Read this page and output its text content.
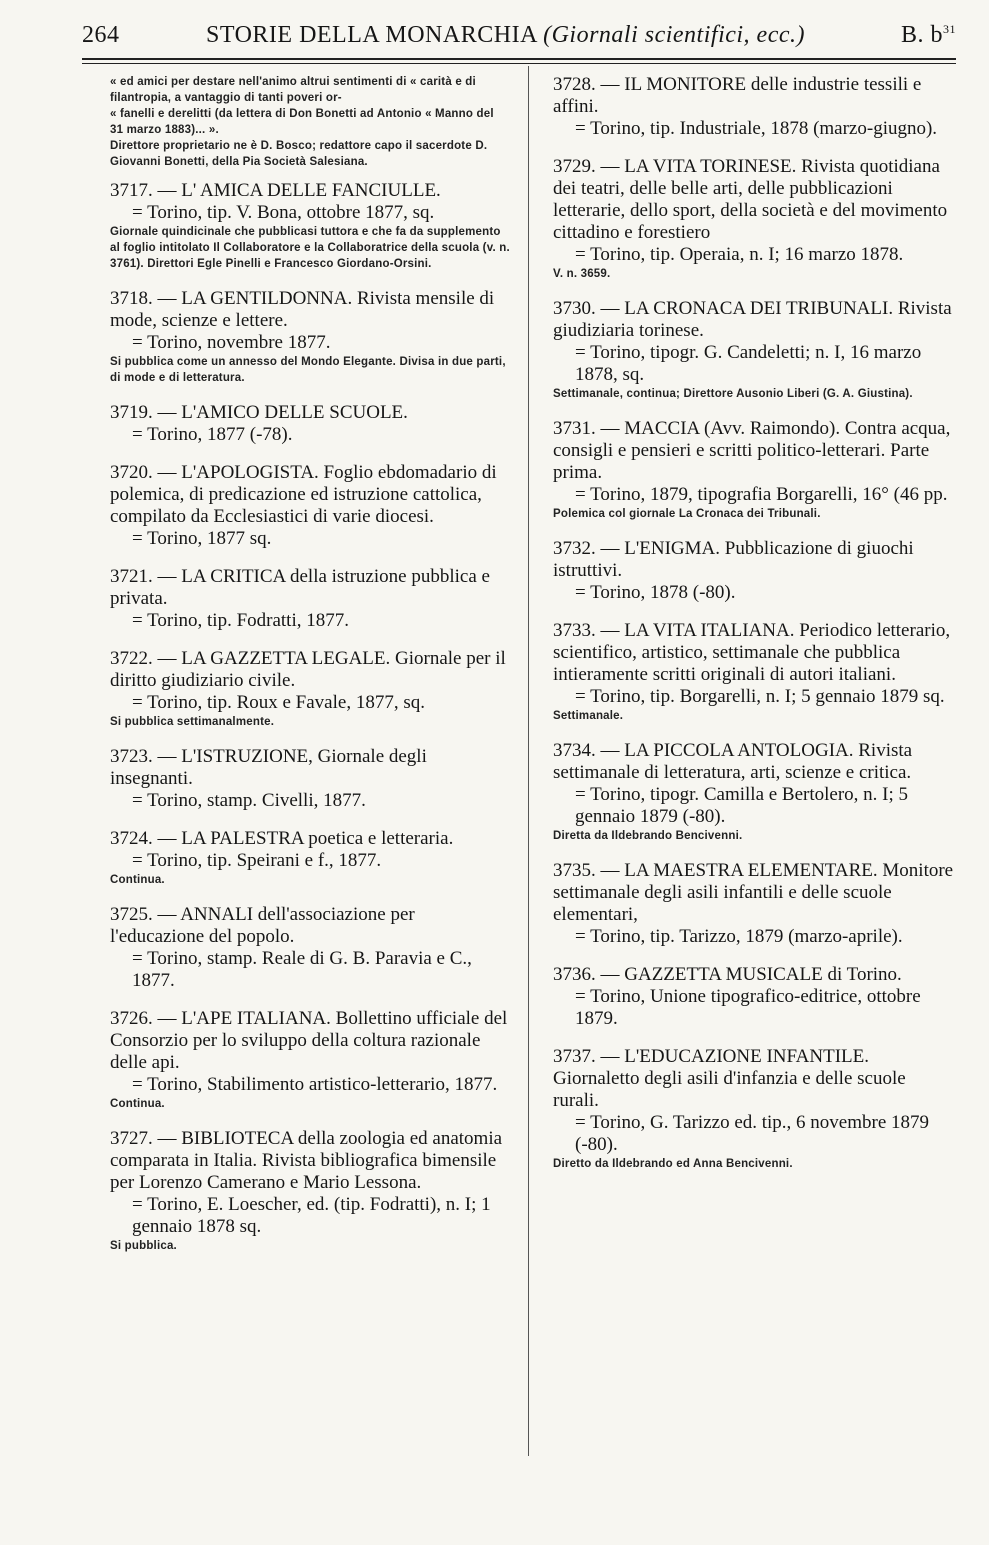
264	STORIE DELLA MONARCHIA (Giornali scientifici, ecc.)	B. $b^{31}$

« ed amici per destare nell'animo altrui sentimenti di « carità e di filantropia, a vantaggio di tanti poveri or-

« fanelli e derelitti (da lettera di Don Bonetti ad Antonio « Manno del 31 marzo 1883)... ».

Direttore proprietario ne è D. Bosco; redattore capo il sacerdote D. Giovanni Bonetti, della Pia Società Salesiana.

3717. — L' AMICA DELLE FANCIULLE.

= Torino, tip. V. Bona, ottobre 1877, sq.

Giornale quindicinale che pubblicasi tuttora e che fa da supplemento al foglio intitolato Il Collaboratore e la Collaboratrice della scuola (v. n. 3761). Direttori Egle Pinelli e Francesco Giordano-Orsini.

3718. — LA GENTILDONNA. Rivista mensile di mode, scienze e lettere.

= Torino, novembre 1877.

Si pubblica come un annesso del Mondo Elegante. Divisa in due parti, di mode e di letteratura.

3719. — L'AMICO DELLE SCUOLE.

= Torino, 1877 (-78).

3720. — L'APOLOGISTA. Foglio ebdomadario di polemica, di predicazione ed istruzione cattolica, compilato da Ecclesiastici di varie diocesi.

= Torino, 1877 sq.

3721. — LA CRITICA della istruzione pubblica e privata.

= Torino, tip. Fodratti, 1877.

3722. — LA GAZZETTA LEGALE. Giornale per il diritto giudiziario civile.

= Torino, tip. Roux e Favale, 1877, sq.

Si pubblica settimanalmente.

3723. — L'ISTRUZIONE, Giornale degli insegnanti.

= Torino, stamp. Civelli, 1877.

3724. — LA PALESTRA poetica e letteraria.

= Torino, tip. Speirani e f., 1877.

Continua.

3725. — ANNALI dell'associazione per l'educazione del popolo.

= Torino, stamp. Reale di G. B. Paravia e C., 1877.

3726. — L'APE ITALIANA. Bollettino ufficiale del Consorzio per lo sviluppo della coltura razionale delle api.

= Torino, Stabilimento artistico-letterario, 1877.

Continua.

3727. — BIBLIOTECA della zoologia ed anatomia comparata in Italia. Rivista bibliografica bimensile per Lorenzo Camerano e Mario Lessona.

= Torino, E. Loescher, ed. (tip. Fodratti), n. I; 1 gennaio 1878 sq.

Si pubblica.

3728. — IL MONITORE delle industrie tessili e affini.

= Torino, tip. Industriale, 1878 (marzo-giugno).

3729. — LA VITA TORINESE. Rivista quotidiana dei teatri, delle belle arti, delle pubblicazioni letterarie, dello sport, della società e del movimento cittadino e forestiero

= Torino, tip. Operaia, n. I; 16 marzo 1878.

V. n. 3659.

3730. — LA CRONACA DEI TRIBUNALI. Rivista giudiziaria torinese.

= Torino, tipogr. G. Candeletti; n. I, 16 marzo 1878, sq.

Settimanale, continua; Direttore Ausonio Liberi (G. A. Giustina).

3731. — MACCIA (Avv. Raimondo). Contra acqua, consigli e pensieri e scritti politico-letterari. Parte prima.

= Torino, 1879, tipografia Borgarelli, 16° (46 pp.

Polemica col giornale La Cronaca dei Tribunali.

3732. — L'ENIGMA. Pubblicazione di giuochi istruttivi.

= Torino, 1878 (-80).

3733. — LA VITA ITALIANA. Periodico letterario, scientifico, artistico, settimanale che pubblica intieramente scritti originali di autori italiani.

= Torino, tip. Borgarelli, n. I; 5 gennaio 1879 sq.

Settimanale.

3734. — LA PICCOLA ANTOLOGIA. Rivista settimanale di letteratura, arti, scienze e critica.

= Torino, tipogr. Camilla e Bertolero, n. I; 5 gennaio 1879 (-80).

Diretta da Ildebrando Bencivenni.

3735. — LA MAESTRA ELEMENTARE. Monitore settimanale degli asili infantili e delle scuole elementari,

= Torino, tip. Tarizzo, 1879 (marzo-aprile).

3736. — GAZZETTA MUSICALE di Torino.

= Torino, Unione tipografico-editrice, ottobre 1879.

3737. — L'EDUCAZIONE INFANTILE. Giornaletto degli asili d'infanzia e delle scuole rurali.

= Torino, G. Tarizzo ed. tip., 6 novembre 1879 (-80).

Diretto da Ildebrando ed Anna Bencivenni.
